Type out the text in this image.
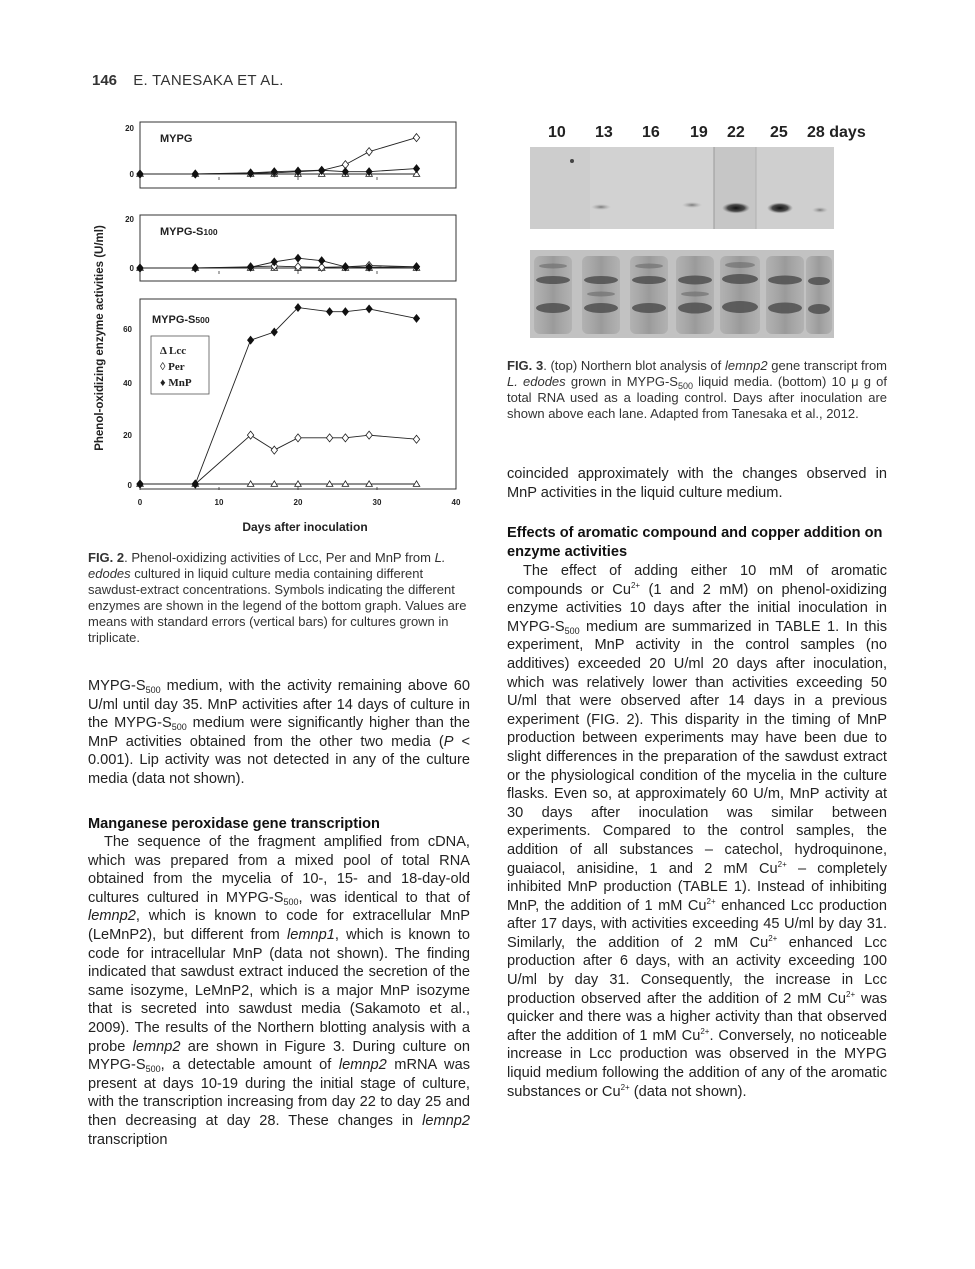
146 E. TANESAKA ET AL.
Phenol-oxidizing enzyme activities (U/ml)
MYPG
0
20
MYPG-S100
0
20
MYPG-S500
0
20
40
60
Δ Lcc
◊ Per
♦ MnP
0	10	20	30	40
Days after inoculation
FIG. 2. Phenol-oxidizing activities of Lcc, Per and MnP from L. edodes cultured in liquid culture media containing different sawdust-extract concentrations. Symbols indicating the different enzymes are shown in the legend of the bottom graph. Values are means with standard errors (vertical bars) for cultures grown in triplicate.

MYPG-$S_{500}$ medium, with the activity remaining above 60 U/ml until day 35. MnP activities after 14 days of culture in the MYPG-$S_{500}$ medium were significantly higher than the MnP activities obtained from the other two media (P < 0.001). Lip activity was not detected in any of the culture media (data not shown).

Manganese peroxidase gene transcription

The sequence of the fragment amplified from cDNA, which was prepared from a mixed pool of total RNA obtained from the mycelia of 10-, 15- and 18-day-old cultures cultured in MYPG-$S_{500}$, was identical to that of lemnp2, which is known to code for extracellular MnP (LeMnP2), but different from lemnp1, which is known to code for intracellular MnP (data not shown). The finding indicated that sawdust extract induced the secretion of the same isozyme, LeMnP2, which is a major MnP isozyme that is secreted into sawdust media (Sakamoto et al., 2009). The results of the Northern blotting analysis with a probe lemnp2 are shown in Figure 3. During culture on MYPG-$S_{500}$, a detectable amount of lemnp2 mRNA was present at days 10-19 during the initial stage of culture, with the transcription increasing from day 22 to day 25 and then decreasing at day 28. These changes in lemnp2 transcription

10 13 16 19 22 25 28 days
FIG. 3. (top) Northern blot analysis of lemnp2 gene transcript from L. edodes grown in MYPG-$S_{500}$ liquid media. (bottom) 10 μ g of total RNA used as a loading control. Days after inoculation are shown above each lane. Adapted from Tanesaka et al., 2012.

coincided approximately with the changes observed in MnP activities in the liquid culture medium.

Effects of aromatic compound and copper addition on enzyme activities

The effect of adding either 10 mM of aromatic compounds or $Cu^{2+}$ (1 and 2 mM) on phenol-oxidizing enzyme activities 10 days after the initial inoculation in MYPG-$S_{500}$ medium are summarized in TABLE 1. In this experiment, MnP activity in the control samples (no additives) exceeded 20 U/ml 20 days after inoculation, which was relatively lower than activities exceeding 50 U/ml that were observed after 14 days in a previous experiment (FIG. 2). This disparity in the timing of MnP production between experiments may have been due to slight differences in the preparation of the sawdust extract or the physiological condition of the mycelia in the culture flasks. Even so, at approximately 60 U/m, MnP activity at 30 days after inoculation was similar between experiments. Compared to the control samples, the addition of all substances – catechol, hydroquinone, guaiacol, anisidine, 1 and 2 mM $Cu^{2+}$ – completely inhibited MnP production (TABLE 1). Instead of inhibiting MnP, the addition of 1 mM $Cu^{2+}$ enhanced Lcc production after 17 days, with activities exceeding 45 U/ml by day 31. Similarly, the addition of 2 mM $Cu^{2+}$ enhanced Lcc production after 6 days, with an activity exceeding 100 U/ml by day 31. Consequently, the increase in Lcc production observed after the addition of 2 mM $Cu^{2+}$ was quicker and there was a higher activity than that observed after the addition of 1 mM $Cu^{2+}$. Conversely, no noticeable increase in Lcc production was observed in the MYPG liquid medium following the addition of any of the aromatic substances or $Cu^{2+}$ (data not shown).
